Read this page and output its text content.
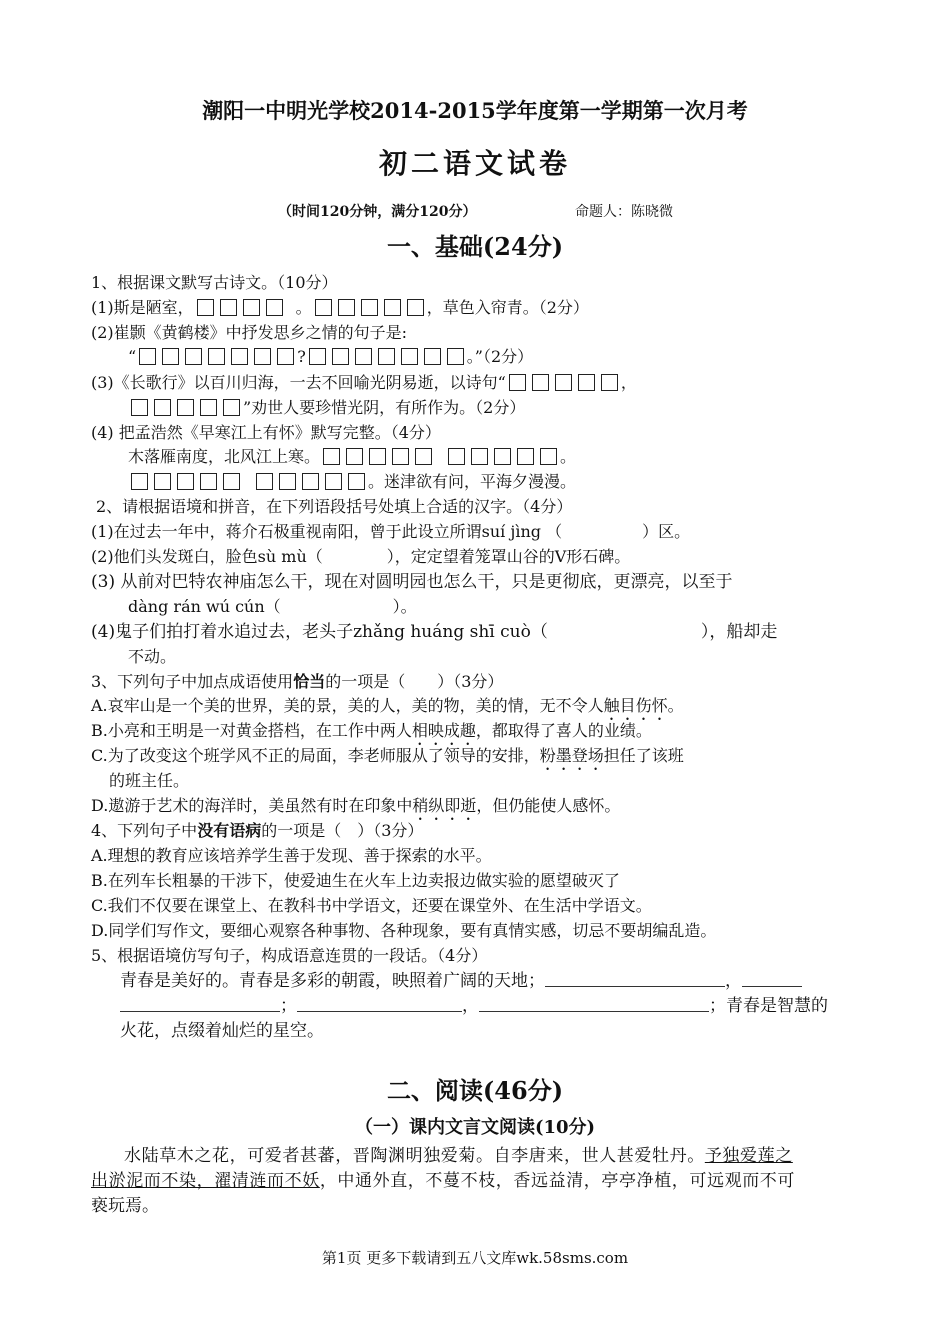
潮阳一中明光学校2014-2015学年度第一学期第一次月考
初二语文试卷
（时间120分钟，满分120分）	命题人：陈晓微
一、基础(24分)
1、根据课文默写古诗文。（10分）
(1)斯是陋室，	。	，草色入帘青。（2分）
(2)崔颢《黄鹤楼》中抒发思乡之情的句子是:
“	?	。”（2分）
(3)《长歌行》以百川归海，一去不回喻光阴易逝，以诗句“	，
”劝世人要珍惜光阴，有所作为。（2分）
(4) 把孟浩然《早寒江上有怀》默写完整。（4分）
木落雁南度，北风江上寒。	。
。迷津欲有问，平海夕漫漫。
2、请根据语境和拼音，在下列语段括号处填上合适的汉字。（4分）
(1)在过去一年中，蒋介石极重视南阳，曾于此设立所谓suí jìng （　　　　　）区。
(2)他们头发斑白，脸色sù mù（　　　　），定定望着笼罩山谷的V形石碑。
(3) 从前对巴特农神庙怎么干，现在对圆明园也怎么干，只是更彻底，更漂亮，以至于
dàng rán wú cún（　　　　　　　）。
(4)鬼子们拍打着水追过去，老头子zhǎng huáng shī cuò（　　　　　　　　　），船却走
不动。
3、下列句子中加点成语使用恰当的一项是（　　）（3分）
A.哀牢山是一个美的世界，美的景，美的人，美的物，美的情，无不令人触目伤怀。
B.小亮和王明是一对黄金搭档，在工作中两人相映成趣，都取得了喜人的业绩。
C.为了改变这个班学风不正的局面，李老师服从了领导的安排，粉墨登场担任了该班
的班主任。
D.遨游于艺术的海洋时，美虽然有时在印象中稍纵即逝，但仍能使人感怀。
4、下列句子中没有语病的一项是（　）（3分）
A.理想的教育应该培养学生善于发现、善于探索的水平。
B.在列车长粗暴的干涉下，使爱迪生在火车上边卖报边做实验的愿望破灭了
C.我们不仅要在课堂上、在教科书中学语文，还要在课堂外、在生活中学语文。
D.同学们写作文，要细心观察各种事物、各种现象，要有真情实感，切忌不要胡编乱造。
5、根据语境仿写句子，构成语意连贯的一段话。（4分）
青春是美好的。青春是多彩的朝霞，映照着广阔的天地；	，
；	，	；青春是智慧的
火花，点缀着灿烂的星空。
二、阅读(46分)
（一）课内文言文阅读(10分)
水陆草木之花，可爱者甚蕃，晋陶渊明独爱菊。自李唐来，世人甚爱牡丹。予独爱莲之
出淤泥而不染，濯清涟而不妖，中通外直，不蔓不枝，香远益清，亭亭净植，可远观而不可
亵玩焉。
第1页 更多下载请到五八文库wk.58sms.com
